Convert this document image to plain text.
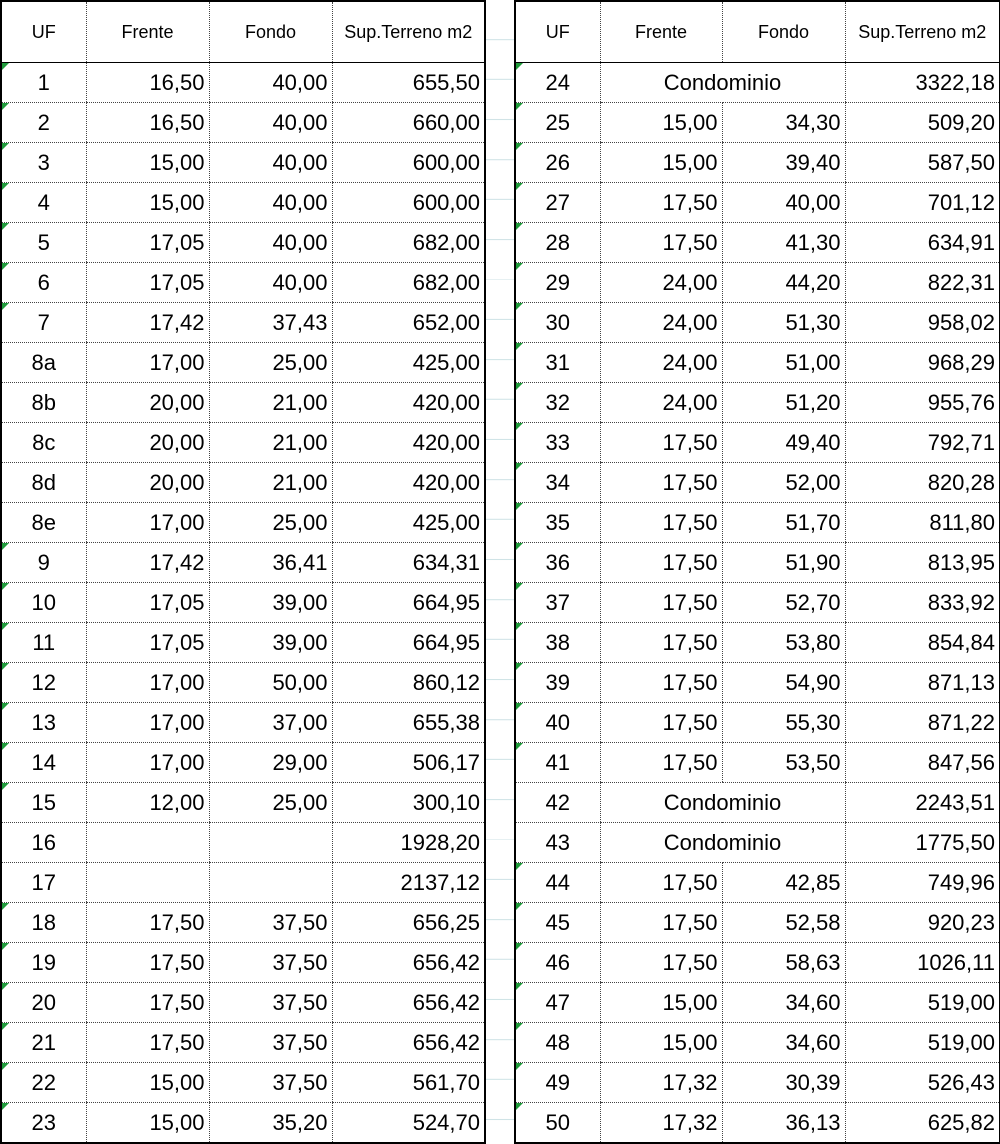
UF	Frente	Fondo	Sup.Terreno m2
1	16,50	40,00	655,50
2	16,50	40,00	660,00
3	15,00	40,00	600,00
4	15,00	40,00	600,00
5	17,05	40,00	682,00
6	17,05	40,00	682,00
7	17,42	37,43	652,00
8a	17,00	25,00	425,00
8b	20,00	21,00	420,00
8c	20,00	21,00	420,00
8d	20,00	21,00	420,00
8e	17,00	25,00	425,00
9	17,42	36,41	634,31
10	17,05	39,00	664,95
11	17,05	39,00	664,95
12	17,00	50,00	860,12
13	17,00	37,00	655,38
14	17,00	29,00	506,17
15	12,00	25,00	300,10
16			1928,20
17			2137,12
18	17,50	37,50	656,25
19	17,50	37,50	656,42
20	17,50	37,50	656,42
21	17,50	37,50	656,42
22	15,00	37,50	561,70
23	15,00	35,20	524,70
UF	Frente	Fondo	Sup.Terreno m2
24	Condominio		3322,18
25	15,00	34,30	509,20
26	15,00	39,40	587,50
27	17,50	40,00	701,12
28	17,50	41,30	634,91
29	24,00	44,20	822,31
30	24,00	51,30	958,02
31	24,00	51,00	968,29
32	24,00	51,20	955,76
33	17,50	49,40	792,71
34	17,50	52,00	820,28
35	17,50	51,70	811,80
36	17,50	51,90	813,95
37	17,50	52,70	833,92
38	17,50	53,80	854,84
39	17,50	54,90	871,13
40	17,50	55,30	871,22
41	17,50	53,50	847,56
42	Condominio		2243,51
43	Condominio		1775,50
44	17,50	42,85	749,96
45	17,50	52,58	920,23
46	17,50	58,63	1026,11
47	15,00	34,60	519,00
48	15,00	34,60	519,00
49	17,32	30,39	526,43
50	17,32	36,13	625,82
